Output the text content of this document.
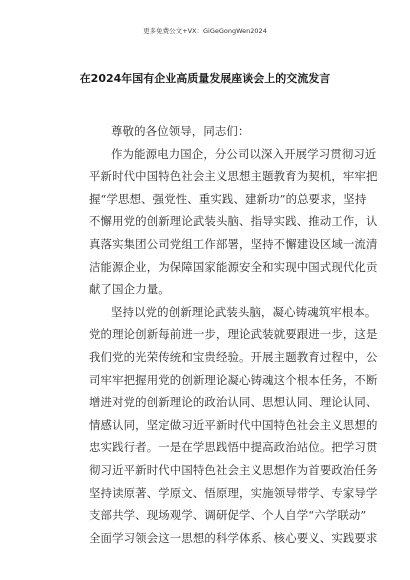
更多免费公文+VX：GiGeGongWen2024
在2024年国有企业高质量发展座谈会上的交流发言
尊敬的各位领导，同志们：
作为能源电力国企，分公司以深入开展学习贯彻习近
平新时代中国特色社会主义思想主题教育为契机，牢牢把
握“学思想、强党性、重实践、建新功”的总要求，坚持
不懈用党的创新理论武装头脑、指导实践、推动工作，认
真落实集团公司党组工作部署，坚持不懈建设区域一流清
洁能源企业，为保障国家能源安全和实现中国式现代化贡
献了国企力量。
坚持以党的创新理论武装头脑，凝心铸魂筑牢根本。
党的理论创新每前进一步，理论武装就要跟进一步，这是
我们党的光荣传统和宝贵经验。开展主题教育过程中，公
司牢牢把握用党的创新理论凝心铸魂这个根本任务，不断
增进对党的创新理论的政治认同、思想认同、理论认同、
情感认同，坚定做习近平新时代中国特色社会主义思想的
忠实践行者。一是在学思践悟中提高政治站位。把学习贯
彻习近平新时代中国特色社会主义思想作为首要政治任务
坚持读原著、学原文、悟原理，实施领导带学、专家导学
支部共学、现场观学、调研促学、个人自学“六学联动”
全面学习领会这一思想的科学体系、核心要义、实践要求
